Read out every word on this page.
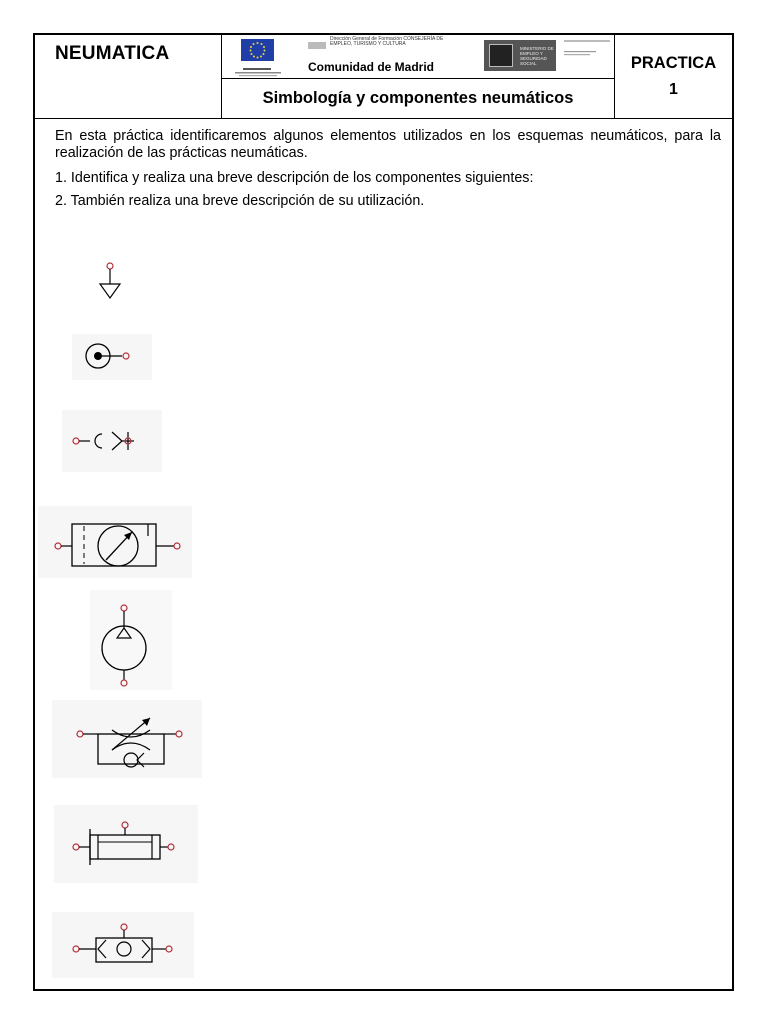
NEUMATICA
Dirección General de Formación CONSEJERÍA DE EMPLEO, TURISMO Y CULTURA
Comunidad de Madrid
MINISTERIO DE EMPLEO Y SEGURIDAD SOCIAL
Simbología y componentes neumáticos
PRACTICA
1
En esta práctica identificaremos algunos elementos utilizados en los esquemas neumáticos, para la realización de las prácticas neumáticas.
1. Identifica y realiza una breve descripción de los componentes siguientes:
2. También realiza una breve descripción de su utilización.
